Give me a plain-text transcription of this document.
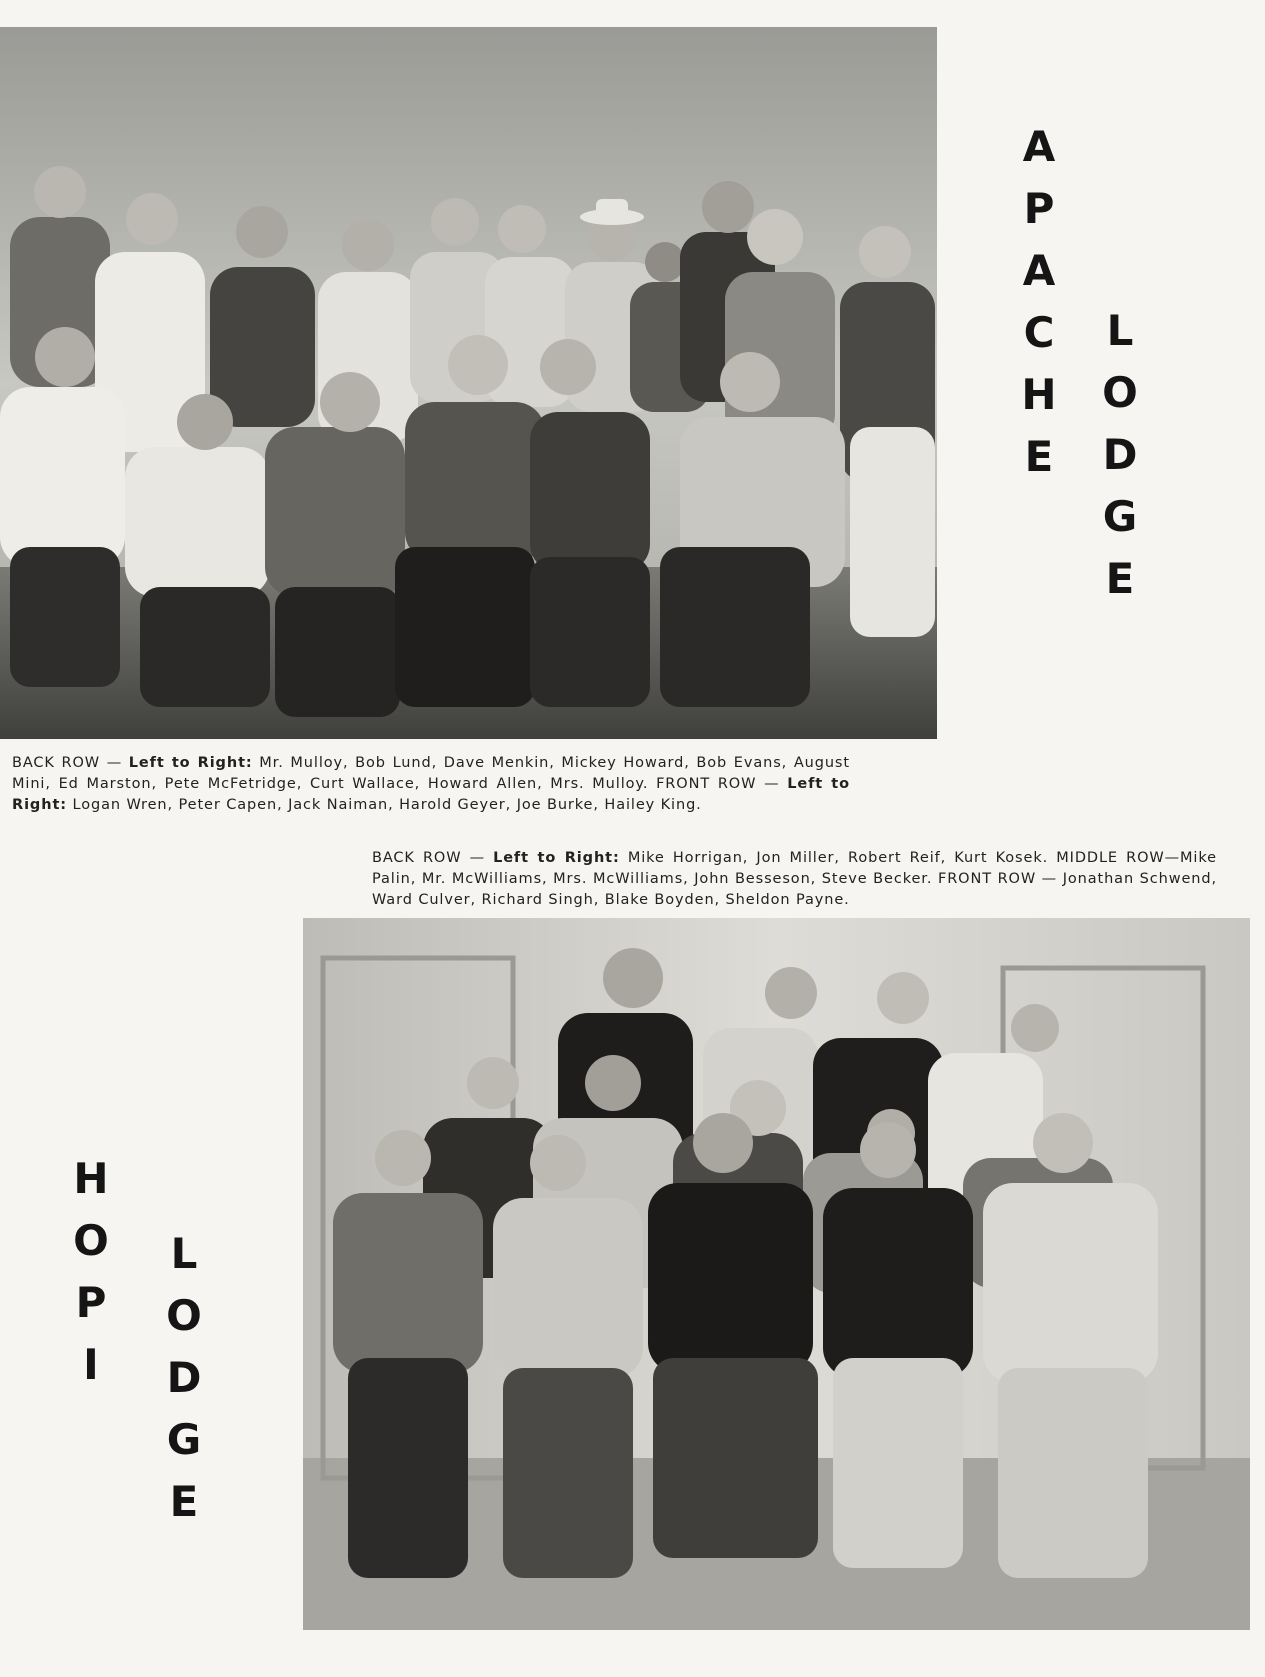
A
P
A
C
H
E
L
O
D
G
E
BACK ROW — Left to Right: Mr. Mulloy, Bob Lund, Dave Menkin, Mickey Howard, Bob Evans, August Mini, Ed Marston, Pete McFetridge, Curt Wallace, Howard Allen, Mrs. Mulloy. FRONT ROW — Left to Right: Logan Wren, Peter Capen, Jack Naiman, Harold Geyer, Joe Burke, Hailey King.
BACK ROW — Left to Right: Mike Horrigan, Jon Miller, Robert Reif, Kurt Kosek. MIDDLE ROW—Mike Palin, Mr. McWilliams, Mrs. McWilliams, John Besseson, Steve Becker. FRONT ROW — Jonathan Schwend, Ward Culver, Richard Singh, Blake Boyden, Sheldon Payne.
H
O
P
I
L
O
D
G
E
